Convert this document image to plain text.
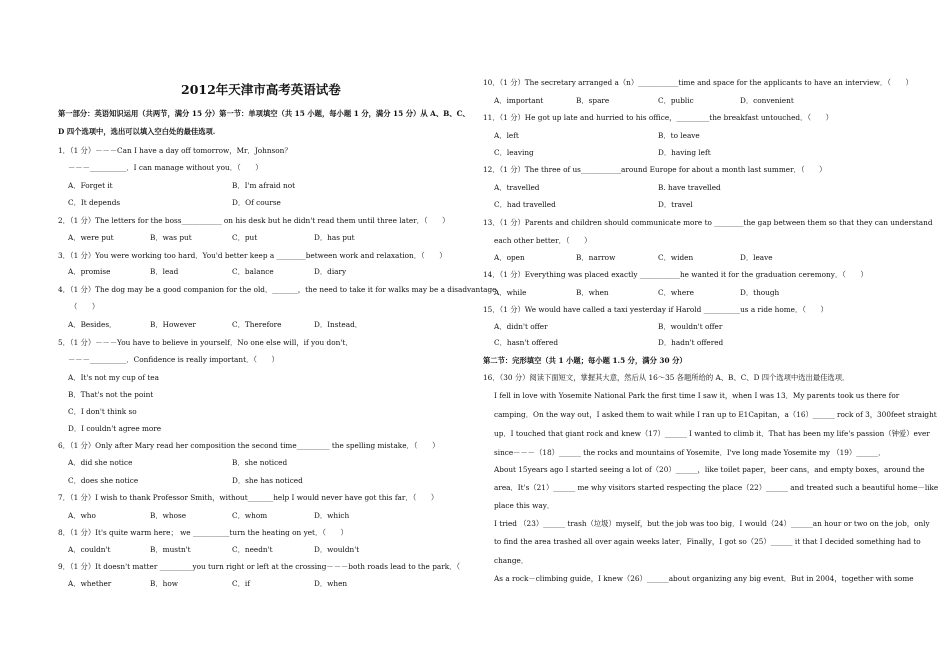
2012年天津市高考英语试卷
第一部分：英语知识运用（共两节，满分 15 分）第一节：单项填空（共 15 小题，每小题 1 分，满分 15 分）从 A、B、C、
D 四个选项中，选出可以填入空白处的最佳选项.
1．（1 分）－－－Can I have a day off tomorrow，Mr．Johnson？
－－－__________．I can manage without you．（　　）
A．Forget it	B．I'm afraid not
C．It depends	D．Of course
2．（1 分）The letters for the boss___________ on his desk but he didn't read them until three later．（　　）
A．were put	B．was put	C．put	D．has put
3．（1 分）You were working too hard．You'd better keep a ________between work and relaxation．（　　）
A．promise	B．lead	C．balance	D．diary
4．（1 分）The dog may be a good companion for the old．_______，the need to take it for walks may be a disadvantage．
（　　）
A．Besides．	B．However	C．Therefore	D．Instead．
5．（1 分）－－－You have to believe in yourself．No one else will，if you don't．
－－－__________．Confidence is really important．（　　）
A．It's not my cup of tea
B．That's not the point
C．I don't think so
D．I couldn't agree more
6．（1 分）Only after Mary read her composition the second time_________ the spelling mistake．（　　）
A．did she notice	B．she noticed
C．does she notice	D．she has noticed
7．（1 分）I wish to thank Professor Smith，without_______help I would never have got this far．（　　）
A．who	B．whose	C．whom	D．which
8．（1 分）It's quite warm here； we __________turn the heating on yet．（　　）
A．couldn't	B．mustn't	C．needn't	D．wouldn't
9．（1 分）It doesn't matter _________you turn right or left at the crossing－－－both roads lead to the park．（
A．whether	B．how	C．if	D．when
10．（1 分）The secretary arranged a（n）___________time and space for the applicants to have an interview．（　　）
A．important	B．spare	C．public	D．convenient
11．（1 分）He got up late and hurried to his office，_________the breakfast untouched．（　　）
A．left	B．to leave
C．leaving	D．having left
12．（1 分）The three of us___________around Europe for about a month last summer．（　　）
A．travelled	B. have travelled
C．had travelled	D．travel
13．（1 分）Parents and children should communicate more to ________the gap between them so that they can understand
each other better．（　　）
A．open	B．narrow	C．widen	D．leave
14．（1 分）Everything was placed exactly ___________he wanted it for the graduation ceremony．（　　）
A．while	B．when	C．where	D．though
15．（1 分）We would have called a taxi yesterday if Harold __________us a ride home．（　　）
A．didn't offer	B．wouldn't offer
C．hasn't offered	D．hadn't offered
第二节：完形填空（共 1 小题；每小题 1.5 分，满分 30 分）
16．（30 分）阅读下面短文，掌握其大意，然后从 16～35 各题所给的 A、B、C、D 四个选项中选出最佳选项．
I fell in love with Yosemite National Park the first time I saw it，when I was 13．My parents took us there for
camping．On the way out，I asked them to wait while I ran up to E1Capitan，a（16）______ rock of 3，300feet straight
up．I touched that giant rock and knew（17）______ I wanted to climb it．That has been my life's passion（钟爱）ever
since－－－（18）______ the rocks and mountains of Yosemite．I've long made Yosemite my （19）______．
About 15years ago I started seeing a lot of（20）______，like toilet paper，beer cans，and empty boxes，around the
area．It's（21）______ me why visitors started respecting the place（22）______ and treated such a beautiful home－like
place this way．
I tried （23）______ trash（垃圾）myself，but the job was too big．I would（24）______an hour or two on the job，only
to find the area trashed all over again weeks later．Finally，I got so（25）______ it that I decided something had to
change．
As a rock－climbing guide，I knew（26）______about organizing any big event．But in 2004，together with some
